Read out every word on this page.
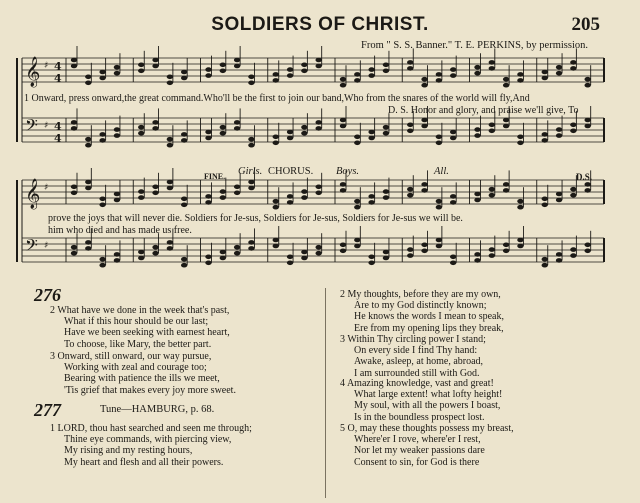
SOLDIERS OF CHRIST.	205
From " S. S. Banner." T. E. PERKINS, by permission.
𝄞 ♯ 4
4
𝄢 ♯ 4
4
𝄞 ♯
𝄢 ♯
1 Onward, press onward,the great command.Who'll be the first to join our band,Who from the snares of the world will fly,And
D. S. Honor and glory, and praise we'll give, To
FINE. Girls. CHORUS. Boys.	All.	D.S.
prove the joys that will never die. Soldiers for Je-sus, Soldiers for Je-sus, Soldiers for Je-sus we will be.
him who died and has made us free.
276
2 What have we done in the week that's past,
What if this hour should be our last;
Have we been seeking with earnest heart,
To choose, like Mary, the better part.
3 Onward, still onward, our way pursue,
Working with zeal and courage too;
Bearing with patience the ills we meet,
'Tis grief that makes every joy more sweet.
277	Tune—HAMBURG, p. 68.
1 LORD, thou hast searched and seen me through;
Thine eye commands, with piercing view,
My rising and my resting hours,
My heart and flesh and all their powers.
2 My thoughts, before they are my own,
Are to my God distinctly known;
He knows the words I mean to speak,
Ere from my opening lips they break,
3 Within Thy circling power I stand;
On every side I find Thy hand:
Awake, asleep, at home, abroad,
I am surrounded still with God.
4 Amazing knowledge, vast and great!
What large extent! what lofty height!
My soul, with all the powers I boast,
Is in the boundless prospect lost.
5 O, may these thoughts possess my breast,
Where'er I rove, where'er I rest,
Nor let my weaker passions dare
Consent to sin, for God is there
